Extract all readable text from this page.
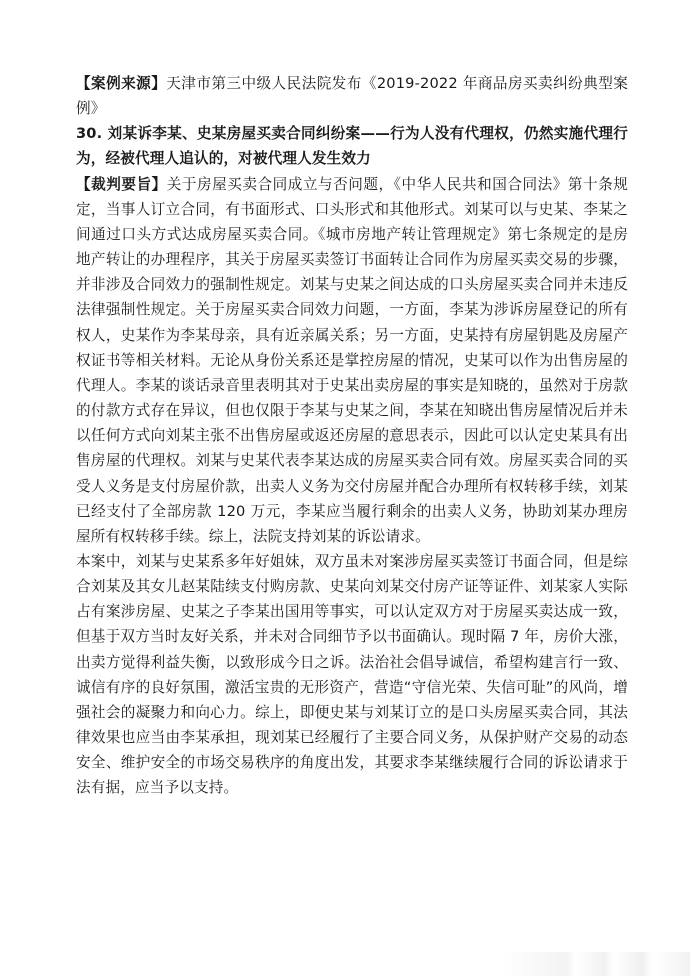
【案例来源】天津市第三中级人民法院发布《2019-2022 年商品房买卖纠纷典型案例》

30. 刘某诉李某、史某房屋买卖合同纠纷案——行为人没有代理权，仍然实施代理行为，经被代理人追认的，对被代理人发生效力

【裁判要旨】关于房屋买卖合同成立与否问题，《中华人民共和国合同法》第十条规定，当事人订立合同，有书面形式、口头形式和其他形式。刘某可以与史某、李某之间通过口头方式达成房屋买卖合同。《城市房地产转让管理规定》第七条规定的是房地产转让的办理程序，其关于房屋买卖签订书面转让合同作为房屋买卖交易的步骤，并非涉及合同效力的强制性规定。刘某与史某之间达成的口头房屋买卖合同并未违反法律强制性规定。关于房屋买卖合同效力问题，一方面，李某为涉诉房屋登记的所有权人，史某作为李某母亲，具有近亲属关系；另一方面，史某持有房屋钥匙及房屋产权证书等相关材料。无论从身份关系还是掌控房屋的情况，史某可以作为出售房屋的代理人。李某的谈话录音里表明其对于史某出卖房屋的事实是知晓的，虽然对于房款的付款方式存在异议，但也仅限于李某与史某之间，李某在知晓出售房屋情况后并未以任何方式向刘某主张不出售房屋或返还房屋的意思表示，因此可以认定史某具有出售房屋的代理权。刘某与史某代表李某达成的房屋买卖合同有效。房屋买卖合同的买受人义务是支付房屋价款，出卖人义务为交付房屋并配合办理所有权转移手续，刘某已经支付了全部房款 120 万元，李某应当履行剩余的出卖人义务，协助刘某办理房屋所有权转移手续。综上，法院支持刘某的诉讼请求。

本案中，刘某与史某系多年好姐妹，双方虽未对案涉房屋买卖签订书面合同，但是综合刘某及其女儿赵某陆续支付购房款、史某向刘某交付房产证等证件、刘某家人实际占有案涉房屋、史某之子李某出国用等事实，可以认定双方对于房屋买卖达成一致，但基于双方当时友好关系，并未对合同细节予以书面确认。现时隔 7 年，房价大涨，出卖方觉得利益失衡，以致形成今日之诉。法治社会倡导诚信，希望构建言行一致、诚信有序的良好氛围，激活宝贵的无形资产，营造“守信光荣、失信可耻”的风尚，增强社会的凝聚力和向心力。综上，即便史某与刘某订立的是口头房屋买卖合同，其法律效果也应当由李某承担，现刘某已经履行了主要合同义务，从保护财产交易的动态安全、维护安全的市场交易秩序的角度出发，其要求李某继续履行合同的诉讼请求于法有据，应当予以支持。
